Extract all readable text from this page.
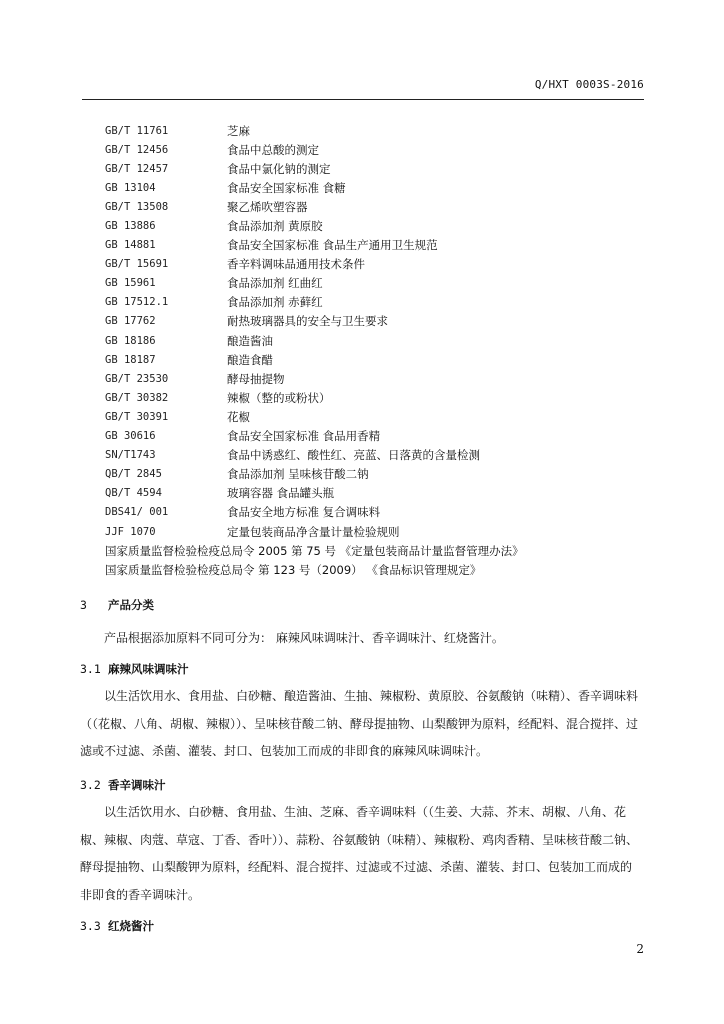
Q/HXT 0003S-2016
GB/T 11761	芝麻
GB/T 12456	食品中总酸的测定
GB/T 12457	食品中氯化钠的测定
GB 13104	食品安全国家标准 食糖
GB/T 13508	聚乙烯吹塑容器
GB 13886	食品添加剂 黄原胶
GB 14881	食品安全国家标准 食品生产通用卫生规范
GB/T 15691	香辛料调味品通用技术条件
GB 15961	食品添加剂 红曲红
GB 17512.1	食品添加剂 赤藓红
GB 17762	耐热玻璃器具的安全与卫生要求
GB 18186	酿造酱油
GB 18187	酿造食醋
GB/T 23530	酵母抽提物
GB/T 30382	辣椒（整的或粉状）
GB/T 30391	花椒
GB 30616	食品安全国家标准 食品用香精
SN/T1743	食品中诱惑红、酸性红、亮蓝、日落黄的含量检测
QB/T 2845	食品添加剂 呈味核苷酸二钠
QB/T 4594	玻璃容器 食品罐头瓶
DBS41/ 001	食品安全地方标准 复合调味料
JJF 1070	定量包装商品净含量计量检验规则
国家质量监督检验检疫总局令 2005 第 75 号 《定量包装商品计量监督管理办法》
国家质量监督检验检疫总局令 第 123 号（2009） 《食品标识管理规定》
3 产品分类
产品根据添加原料不同可分为： 麻辣风味调味汁、香辛调味汁、红烧酱汁。
3.1 麻辣风味调味汁
以生活饮用水、食用盐、白砂糖、酿造酱油、生抽、辣椒粉、黄原胶、谷氨酸钠（味精）、香辛调味料（（花椒、八角、胡椒、辣椒））、呈味核苷酸二钠、酵母提抽物、山梨酸钾为原料，经配料、混合搅拌、过滤或不过滤、杀菌、灌装、封口、包装加工而成的非即食的麻辣风味调味汁。
3.2 香辛调味汁
以生活饮用水、白砂糖、食用盐、生油、芝麻、香辛调味料（（生姜、大蒜、芥末、胡椒、八角、花椒、辣椒、肉蔻、草寇、丁香、香叶））、蒜粉、谷氨酸钠（味精）、辣椒粉、鸡肉香精、呈味核苷酸二钠、酵母提抽物、山梨酸钾为原料，经配料、混合搅拌、过滤或不过滤、杀菌、灌装、封口、包装加工而成的非即食的香辛调味汁。
3.3 红烧酱汁
2
